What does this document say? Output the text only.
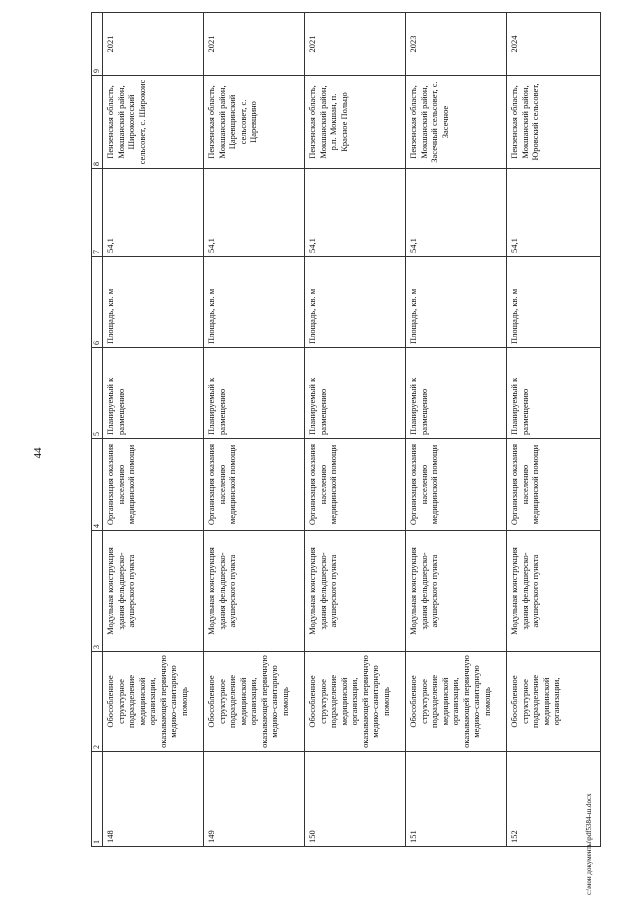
44
1	2	3	4	5	6	7	8	9
148	Обособленное структурное подразделение медицинской организации, оказывающей первичную медико-санитарную помощь	Модульная конструкция здания фельдшерско-акушерского пункта	Организация оказания населению медицинской помощи	Планируемый к размещению	Площадь, кв. м	54,1	Пензенская область, Мокшанский район, Широкоисский сельсовет, с. Широкоис	2021
149	Обособленное структурное подразделение медицинской организации, оказывающей первичную медико-санитарную помощь	Модульная конструкция здания фельдшерско-акушерского пункта	Организация оказания населению медицинской помощи	Планируемый к размещению	Площадь, кв. м	54,1	Пензенская область, Мокшанский район, Царевщинский сельсовет, с. Царевщино	2021
150	Обособленное структурное подразделение медицинской организации, оказывающей первичную медико-санитарную помощь	Модульная конструкция здания фельдшерско-акушерского пункта	Организация оказания населению медицинской помощи	Планируемый к размещению	Площадь, кв. м	54,1	Пензенская область, Мокшанский район, р.п. Мокшан, п. Красное Польцо	2021
151	Обособленное структурное подразделение медицинской организации, оказывающей первичную медико-санитарную помощь	Модульная конструкция здания фельдшерско-акушерского пункта	Организация оказания населению медицинской помощи	Планируемый к размещению	Площадь, кв. м	54,1	Пензенская область, Мокшанский район, Засечный сельсовет, с. Засечное	2023
152	Обособленное структурное подразделение медицинской организации,	Модульная конструкция здания фельдшерско-акушерского пункта	Организация оказания населению медицинской помощи	Планируемый к размещению	Площадь, кв. м	54,1	Пензенская область, Мокшанский район, Юровский сельсовет,	2024
c:\мои документы\pdf5384-ш.docx
